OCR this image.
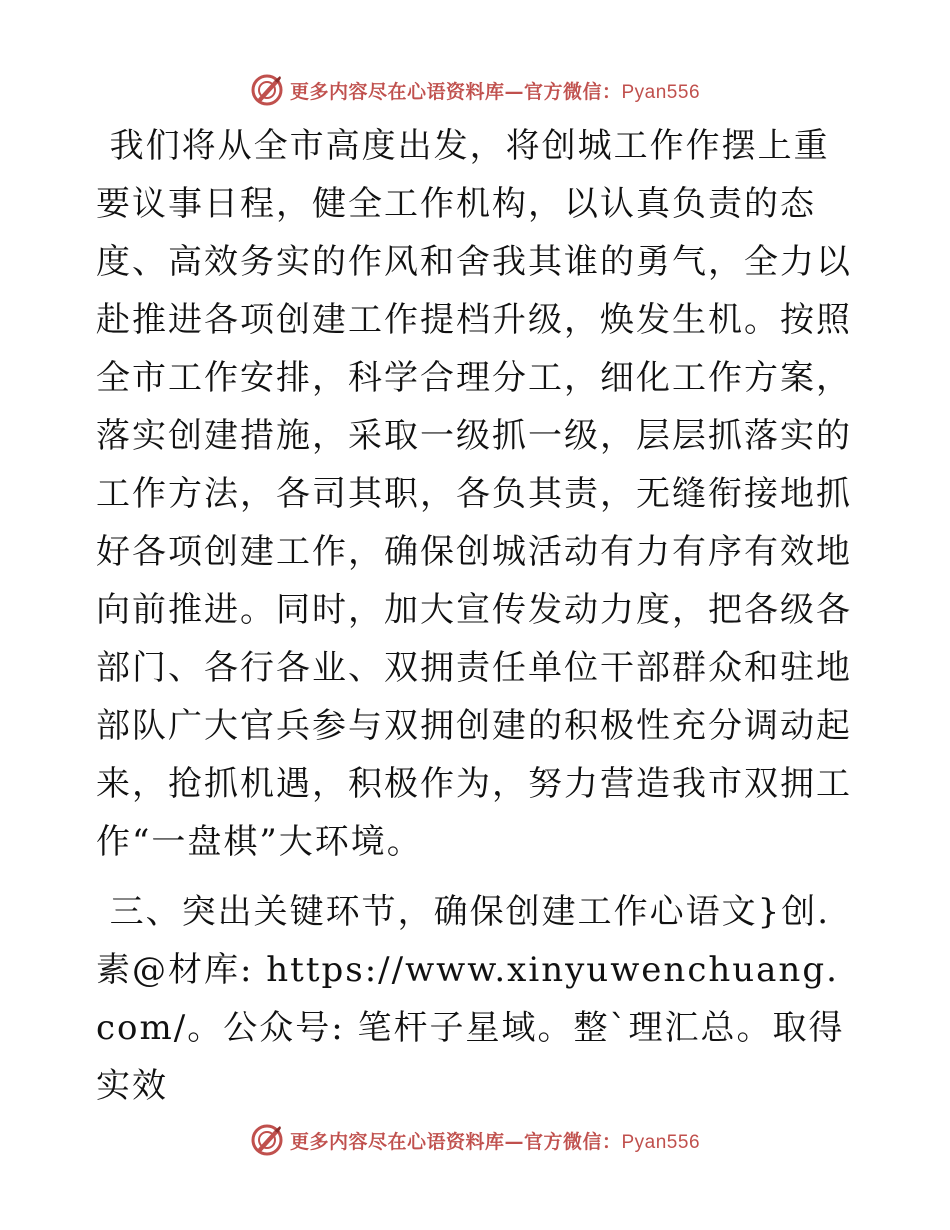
更多内容尽在心语资料库—官方微信：Pyan556

我们将从全市高度出发，将创城工作作摆上重要议事日程，健全工作机构，以认真负责的态度、高效务实的作风和舍我其谁的勇气，全力以赴推进各项创建工作提档升级，焕发生机。按照全市工作安排，科学合理分工，细化工作方案，落实创建措施，采取一级抓一级，层层抓落实的工作方法，各司其职，各负其责，无缝衔接地抓好各项创建工作，确保创城活动有力有序有效地向前推进。同时，加大宣传发动力度，把各级各部门、各行各业、双拥责任单位干部群众和驻地部队广大官兵参与双拥创建的积极性充分调动起来，抢抓机遇，积极作为，努力营造我市双拥工作“一盘棋”大环境。

三、突出关键环节，确保创建工作心语文}创.素@材库: https://www.xinyuwenchuang.com/。公众号: 笔杆子星域。整`理汇总。取得实效

更多内容尽在心语资料库—官方微信：Pyan556
